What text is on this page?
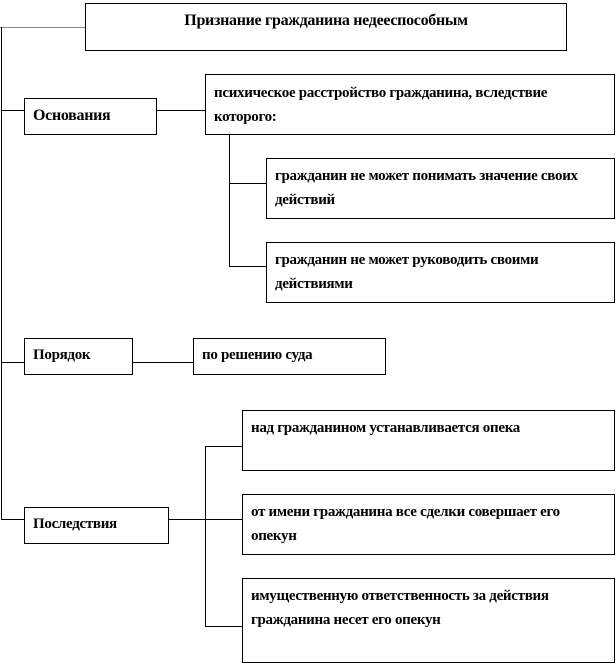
Признание гражданина недееспособным
Основания
психическое расстройство гражданина, вследствие которого:
гражданин не может понимать значение своих действий
гражданин не может руководить своими действиями
Порядок	по решению суда
Последствия
над гражданином устанавливается опека
от имени гражданина все сделки совершает его опекун
имущественную ответственность за действия гражданина несет его опекун
